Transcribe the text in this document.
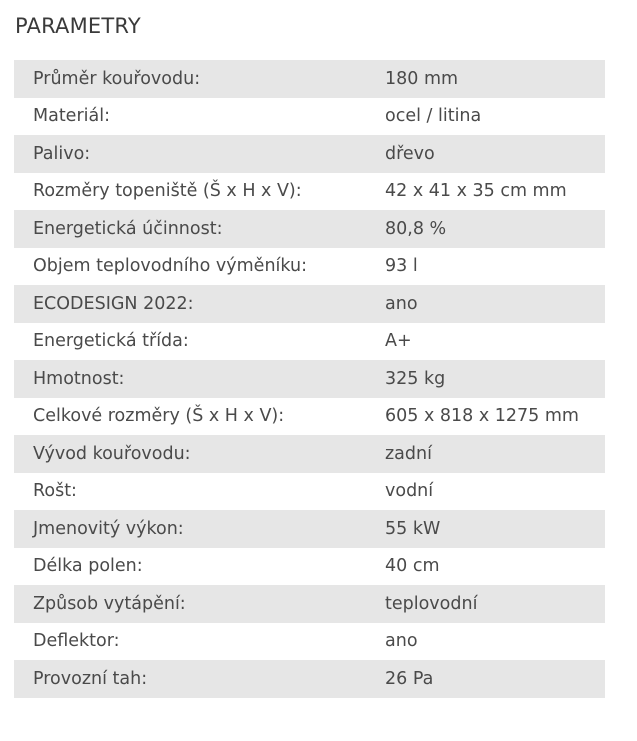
PARAMETRY
Průměr kouřovodu:	180 mm
Materiál:	ocel / litina
Palivo:	dřevo
Rozměry topeniště (Š x H x V):	42 x 41 x 35 cm mm
Energetická účinnost:	80,8 %
Objem teplovodního výměníku:	93 l
ECODESIGN 2022:	ano
Energetická třída:	A+
Hmotnost:	325 kg
Celkové rozměry (Š x H x V):	605 x 818 x 1275 mm
Vývod kouřovodu:	zadní
Rošt:	vodní
Jmenovitý výkon:	55 kW
Délka polen:	40 cm
Způsob vytápění:	teplovodní
Deflektor:	ano
Provozní tah:	26 Pa
